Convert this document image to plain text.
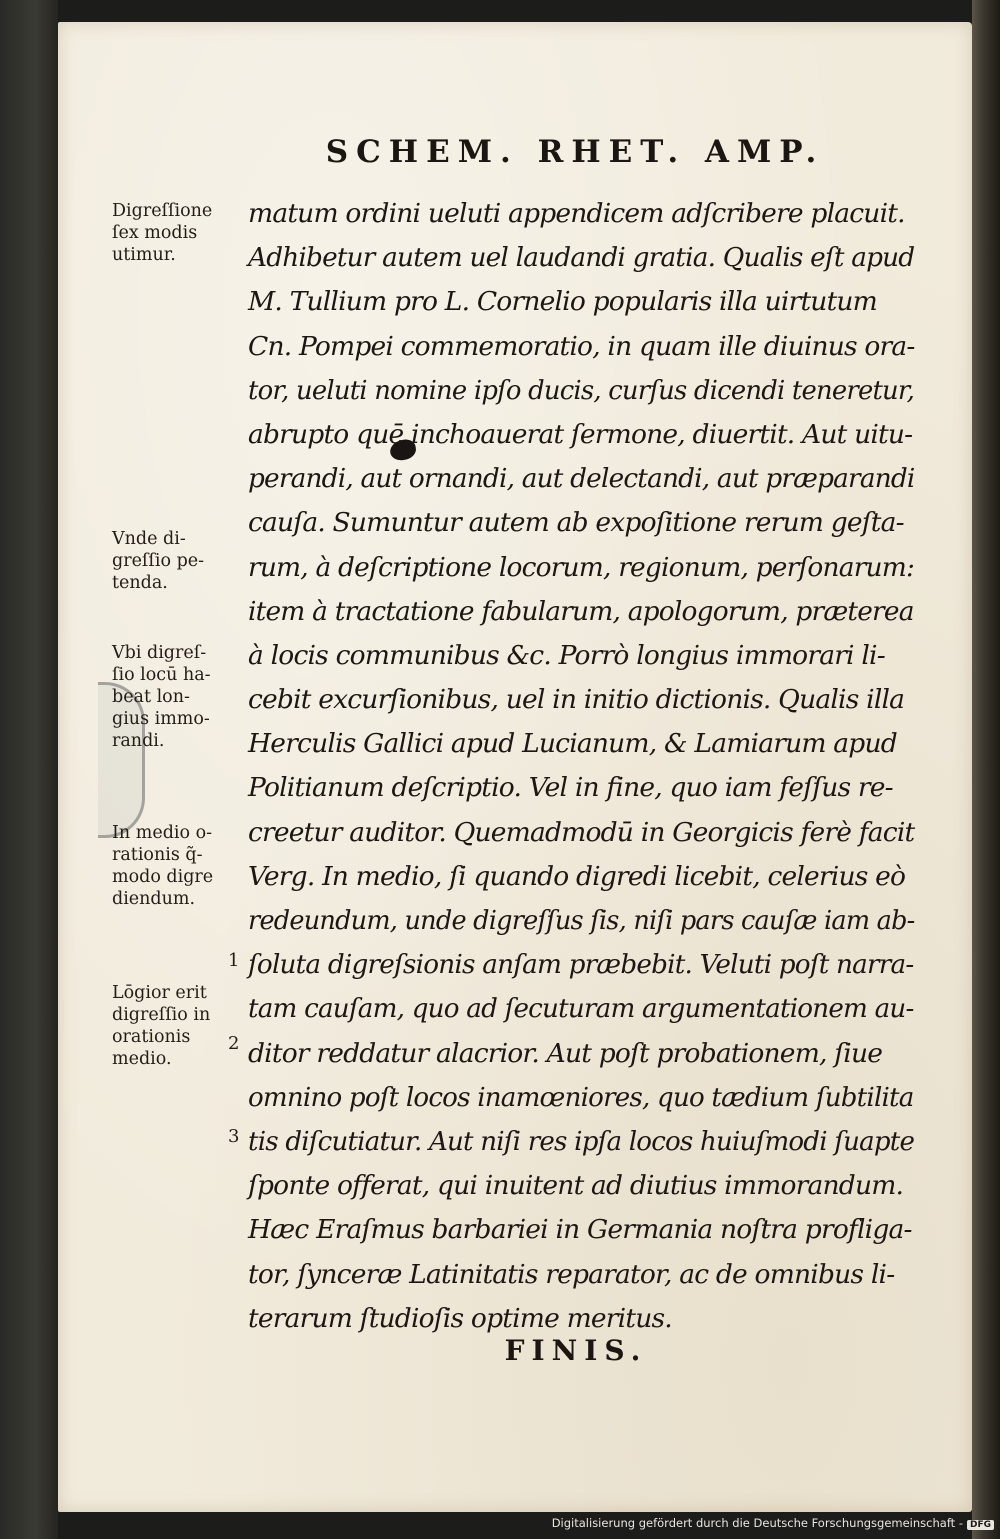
SCHEM. RHET. AMP.
matum ordini ueluti appendicem adſcribere placuit.
Adhibetur autem uel laudandi gratia. Qualis eſt apud
M. Tullium pro L. Cornelio popularis illa uirtutum
Cn. Pompei commemoratio, in quam ille diuinus ora-
tor, ueluti nomine ipſo ducis, curſus dicendi teneretur,
abrupto quē inchoauerat ſermone, diuertit. Aut uitu-
perandi, aut ornandi, aut delectandi, aut præparandi
cauſa. Sumuntur autem ab expoſitione rerum geſta-
rum, à deſcriptione locorum, regionum, perſonarum:
item à tractatione fabularum, apologorum, præterea
à locis communibus &c. Porrò longius immorari li-
cebit excurſionibus, uel in initio dictionis. Qualis illa
Herculis Gallici apud Lucianum, & Lamiarum apud
Politianum deſcriptio. Vel in fine, quo iam feſſus re-
creetur auditor. Quemadmodū in Georgicis ferè facit
Verg. In medio, ſi quando digredi licebit, celerius eò
redeundum, unde digreſſus ſis, niſi pars cauſæ iam ab-
ſoluta digreſsionis anſam præbebit. Veluti poſt narra-
tam cauſam, quo ad ſecuturam argumentationem au-
ditor reddatur alacrior. Aut poſt probationem, ſiue
omnino poſt locos inamœniores, quo tædium ſubtilita
tis diſcutiatur. Aut niſi res ipſa locos huiuſmodi ſuapte
ſponte offerat, qui inuitent ad diutius immorandum.
Hæc Eraſmus barbariei in Germania noſtra profliga-
tor, ſynceræ Latinitatis reparator, ac de omnibus li-
terarum ſtudioſis optime meritus.
FINIS.
Digreſſione
ſex modis
utimur.
Vnde di-
greſſio pe-
tenda.
Vbi digreſ-
ſio locū ha-
beat lon-
gius immo-
randi.
In medio o-
rationis q̃-
modo digre
diendum.
Lōgior erit
digreſſio in
orationis
medio.
1
2
3
Digitalisierung gefördert durch die Deutsche Forschungsgemeinschaft - DFG
